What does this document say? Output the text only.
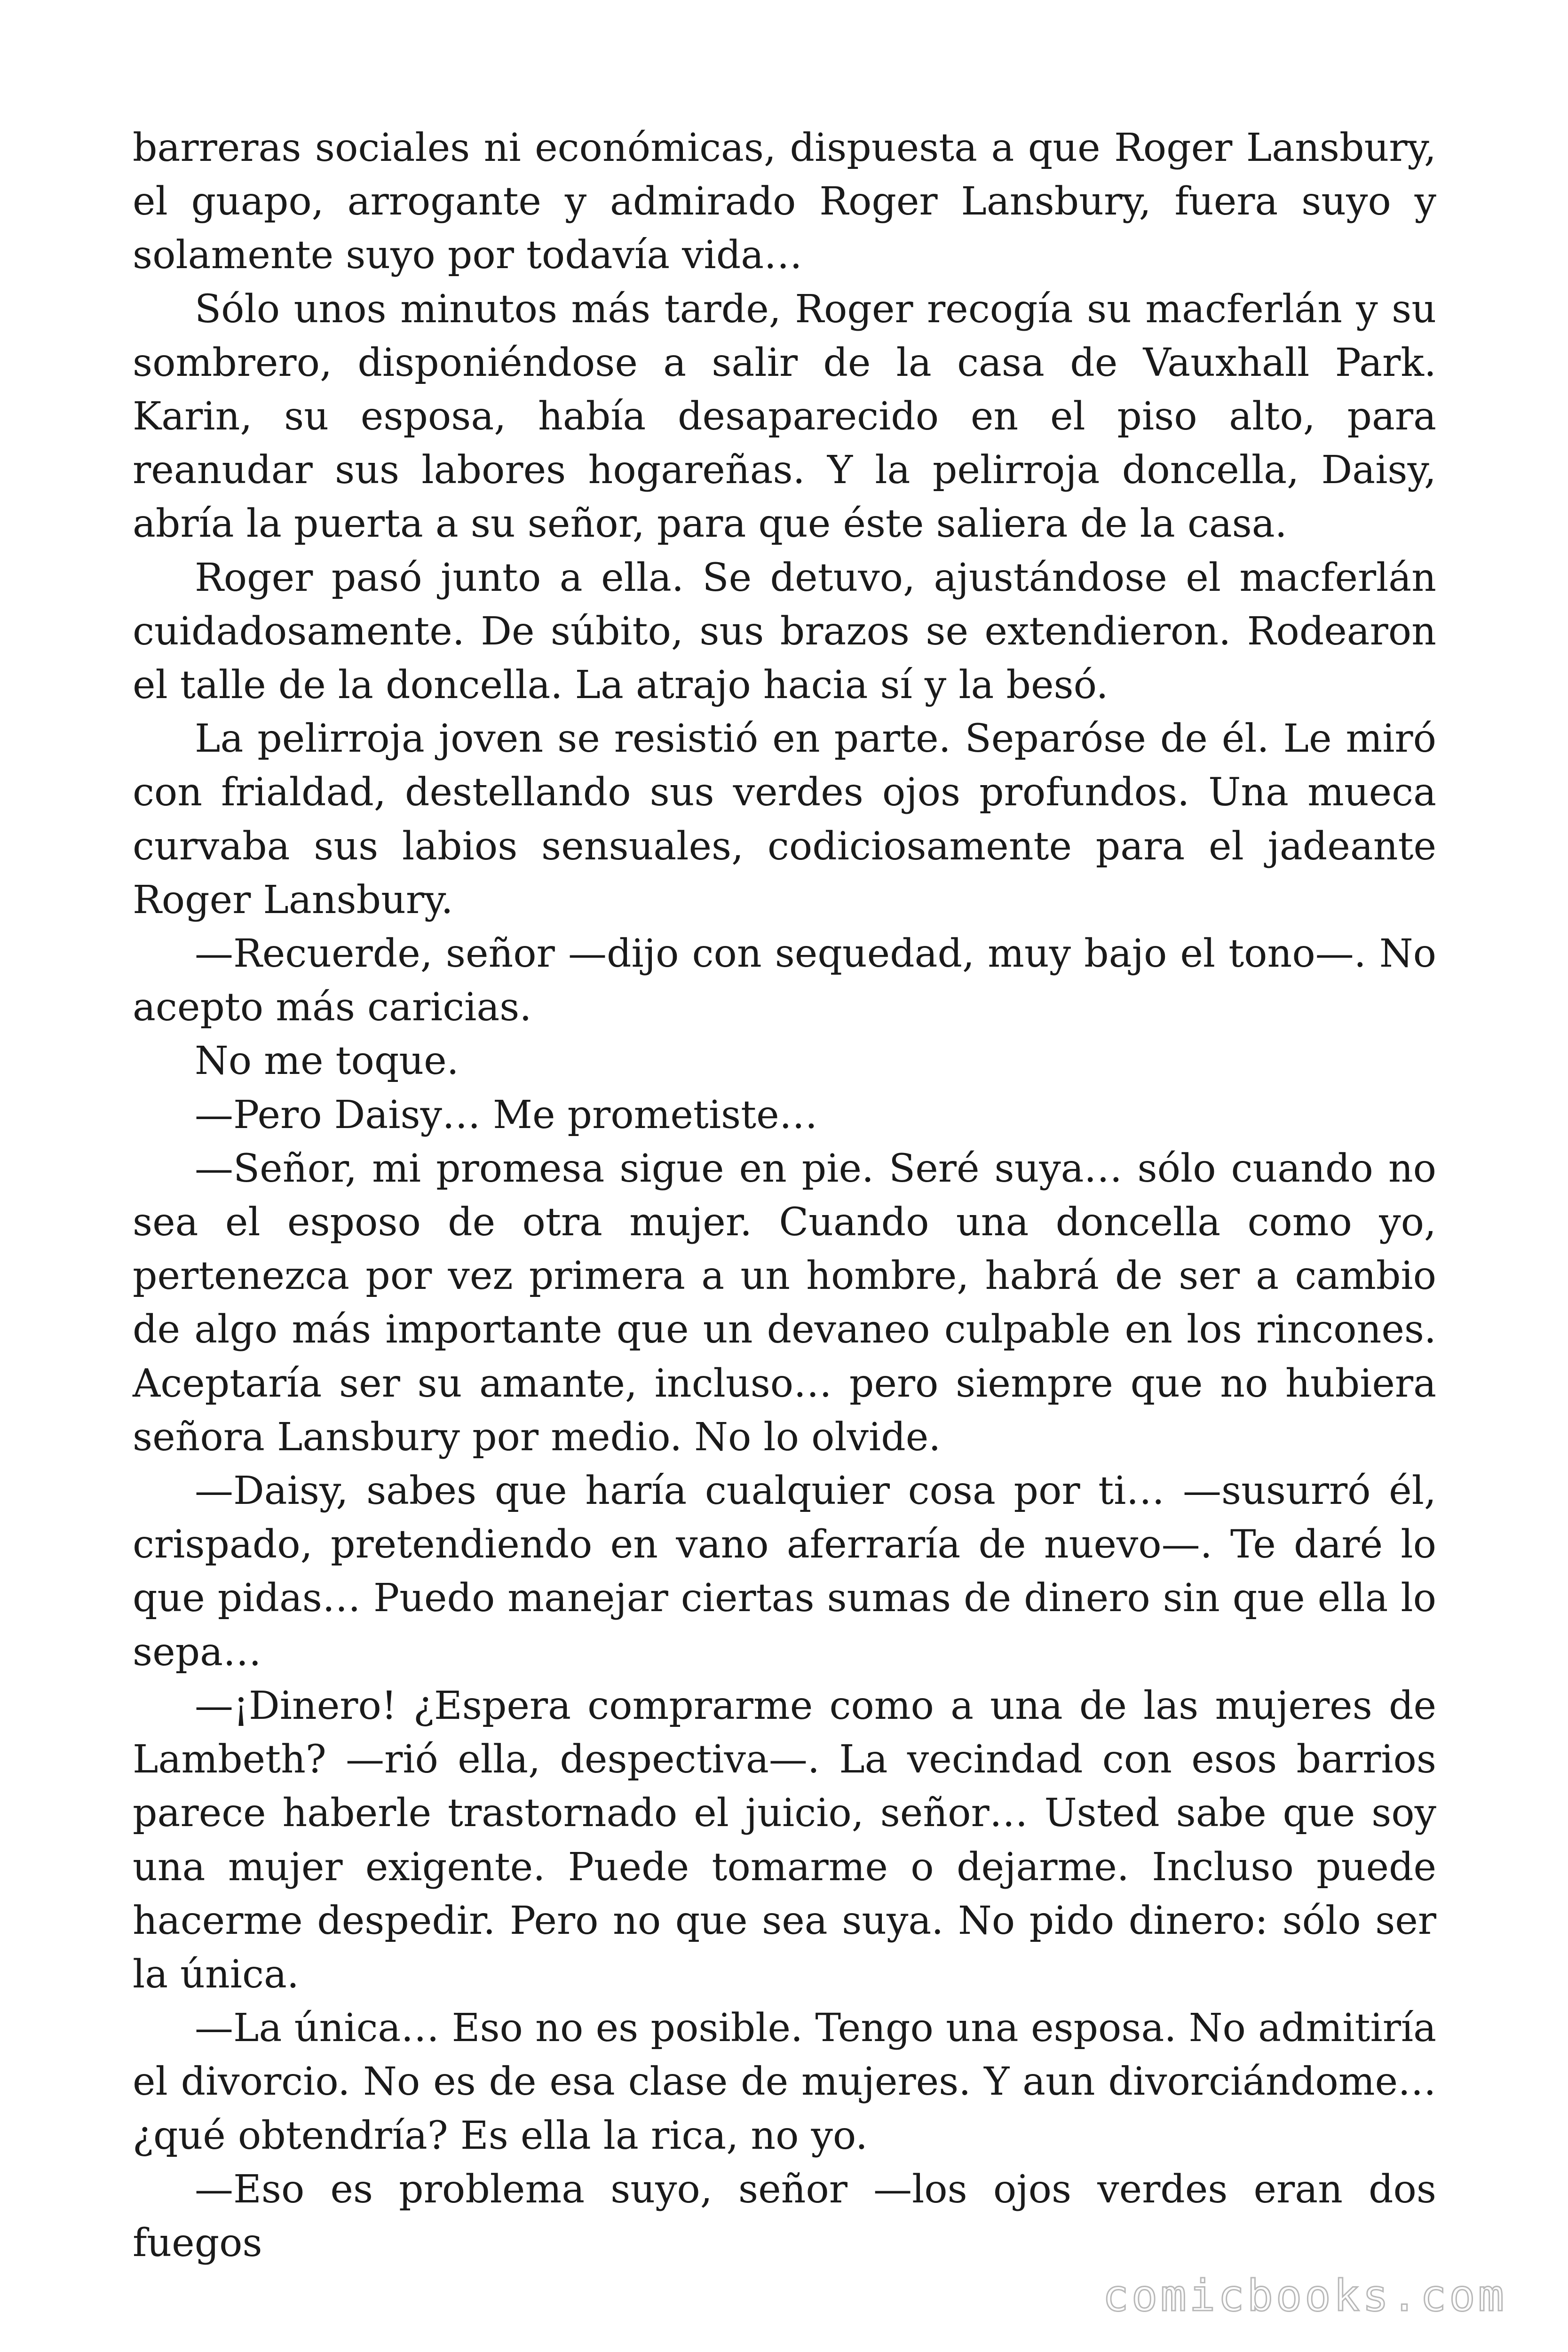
barreras sociales ni económicas, dispuesta a que Roger Lansbury, el guapo, arrogante y admirado Roger Lansbury, fuera suyo y solamente suyo por todavía vida…

Sólo unos minutos más tarde, Roger recogía su macferlán y su sombrero, disponiéndose a salir de la casa de Vauxhall Park. Karin, su esposa, había desaparecido en el piso alto, para reanudar sus labores hogareñas. Y la pelirroja doncella, Daisy, abría la puerta a su señor, para que éste saliera de la casa.

Roger pasó junto a ella. Se detuvo, ajustándose el macferlán cuidadosamente. De súbito, sus brazos se extendieron. Rodearon el talle de la doncella. La atrajo hacia sí y la besó.

La pelirroja joven se resistió en parte. Separóse de él. Le miró con frialdad, destellando sus verdes ojos profundos. Una mueca curvaba sus labios sensuales, codiciosamente para el jadeante Roger Lansbury.

—Recuerde, señor —dijo con sequedad, muy bajo el tono—. No acepto más caricias.

No me toque.

—Pero Daisy… Me prometiste…

—Señor, mi promesa sigue en pie. Seré suya… sólo cuando no sea el esposo de otra mujer. Cuando una doncella como yo, pertenezca por vez primera a un hombre, habrá de ser a cambio de algo más importante que un devaneo culpable en los rincones. Aceptaría ser su amante, incluso… pero siempre que no hubiera señora Lansbury por medio. No lo olvide.

—Daisy, sabes que haría cualquier cosa por ti… —susurró él, crispado, pretendiendo en vano aferraría de nuevo—. Te daré lo que pidas… Puedo manejar ciertas sumas de dinero sin que ella lo sepa…

—¡Dinero! ¿Espera comprarme como a una de las mujeres de Lambeth? —rió ella, despectiva—. La vecindad con esos barrios parece haberle trastornado el juicio, señor… Usted sabe que soy una mujer exigente. Puede tomarme o dejarme. Incluso puede hacerme despedir. Pero no que sea suya. No pido dinero: sólo ser la única.

—La única… Eso no es posible. Tengo una esposa. No admitiría el divorcio. No es de esa clase de mujeres. Y aun divorciándome… ¿qué obtendría? Es ella la rica, no yo.

—Eso es problema suyo, señor —los ojos verdes eran dos fuegos

comicbooks.com
